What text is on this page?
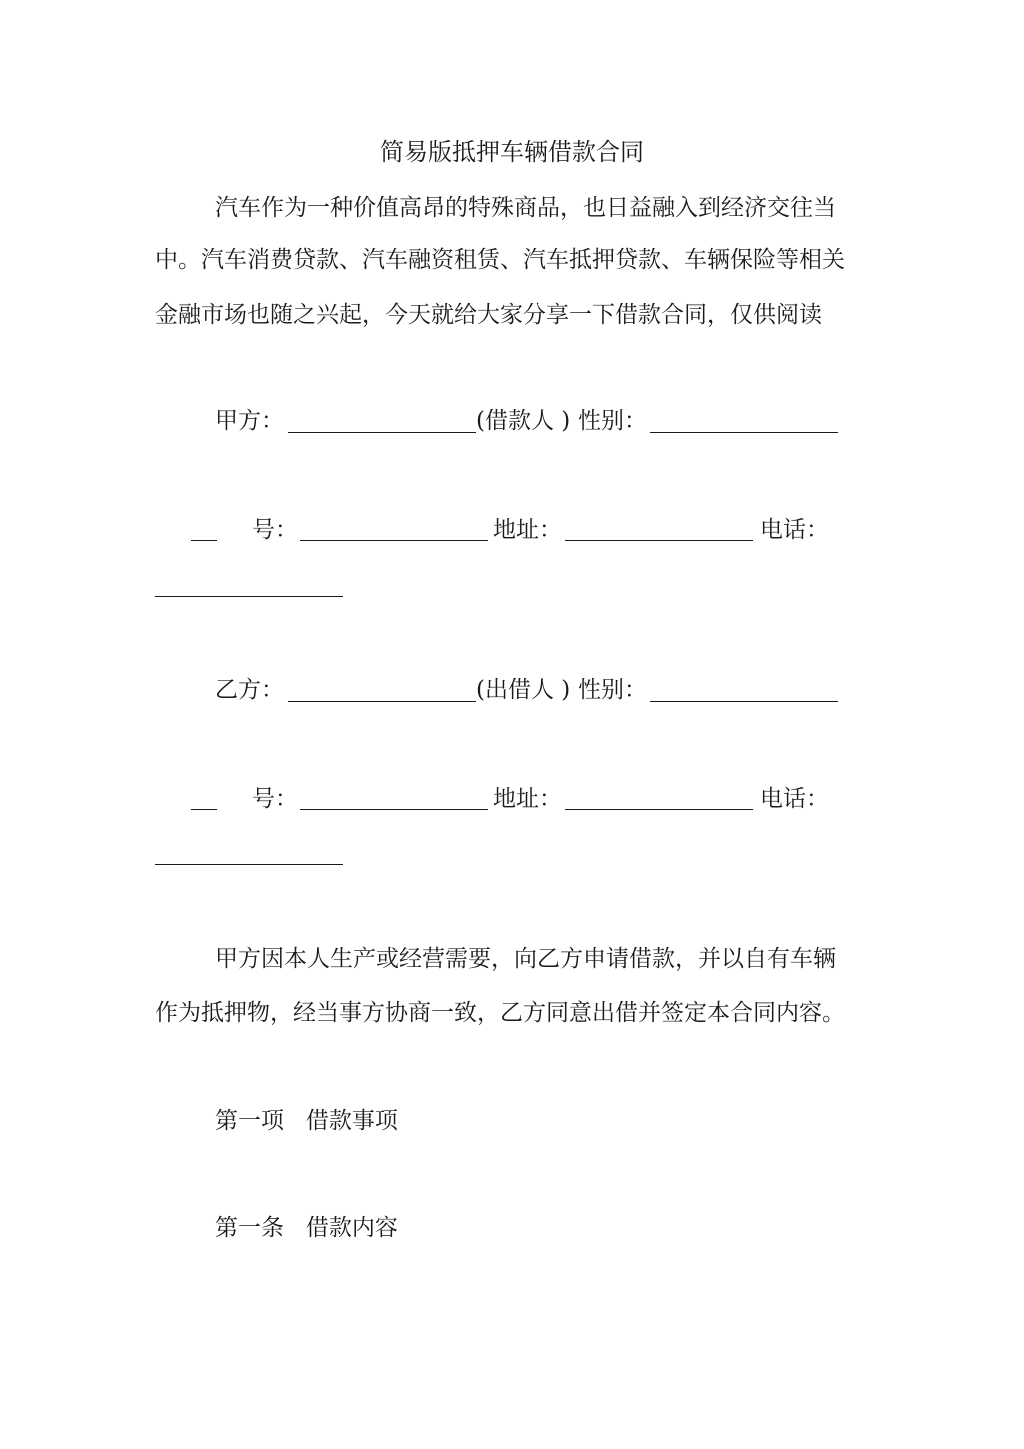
简易版抵押车辆借款合同
汽车作为一种价值高昂的特殊商品，也日益融入到经济交往当
中。汽车消费贷款、汽车融资租赁、汽车抵押贷款、车辆保险等相关
金融市场也随之兴起，今天就给大家分享一下借款合同，仅供阅读
甲方：	(借款人 ) 性别：
号：	地址：	电话：
乙方：	(出借人 ) 性别：
号：	地址：	电话：
甲方因本人生产或经营需要，向乙方申请借款，并以自有车辆
作为抵押物，经当事方协商一致，乙方同意出借并签定本合同内容。
第一项   借款事项
第一条   借款内容
